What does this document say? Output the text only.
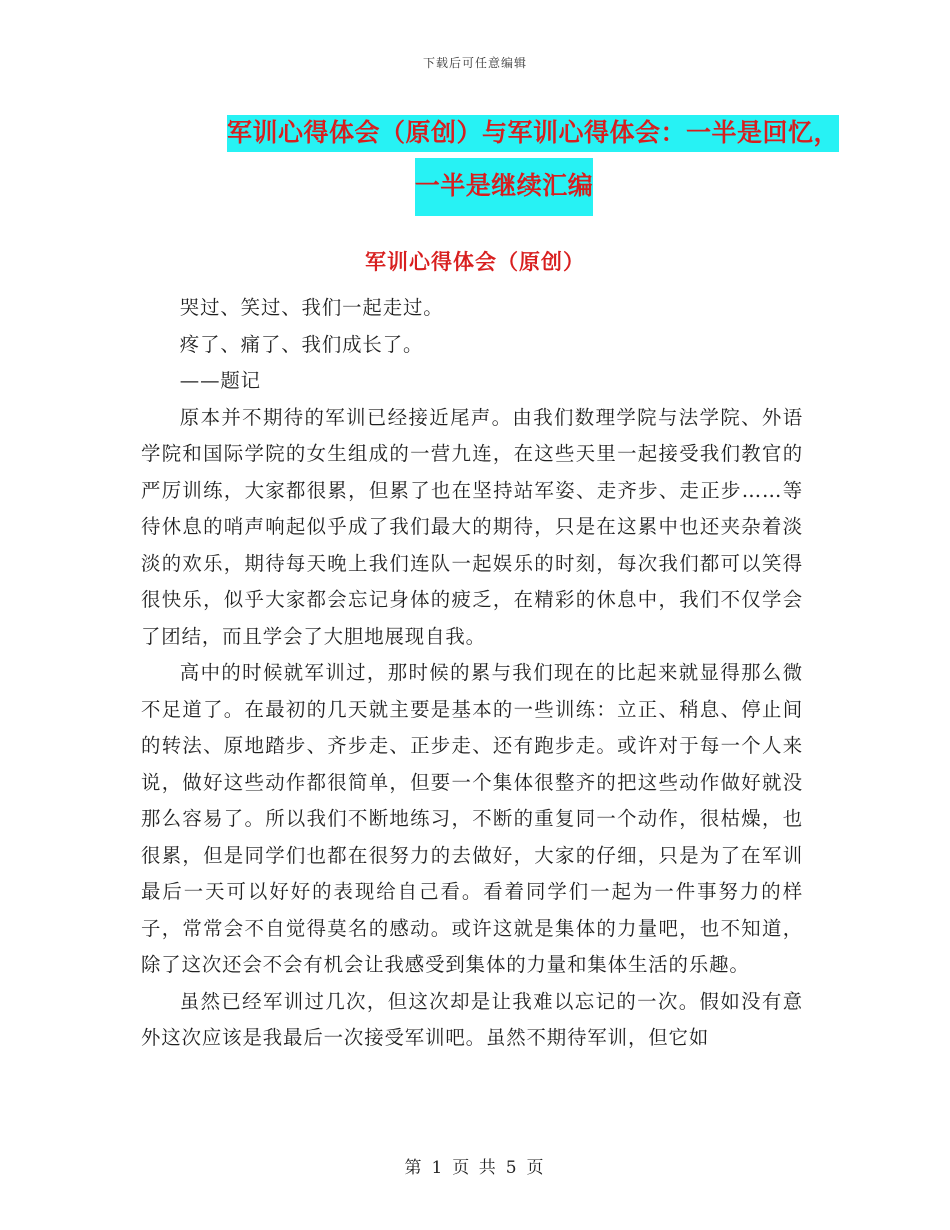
下载后可任意编辑
军训心得体会（原创）与军训心得体会：一半是回忆，
一半是继续汇编
军训心得体会（原创）

哭过、笑过、我们一起走过。

疼了、痛了、我们成长了。

——题记

原本并不期待的军训已经接近尾声。由我们数理学院与法学院、外语学院和国际学院的女生组成的一营九连，在这些天里一起接受我们教官的严厉训练，大家都很累，但累了也在坚持站军姿、走齐步、走正步……等待休息的哨声响起似乎成了我们最大的期待，只是在这累中也还夹杂着淡淡的欢乐，期待每天晚上我们连队一起娱乐的时刻，每次我们都可以笑得很快乐，似乎大家都会忘记身体的疲乏，在精彩的休息中，我们不仅学会了团结，而且学会了大胆地展现自我。

高中的时候就军训过，那时候的累与我们现在的比起来就显得那么微不足道了。在最初的几天就主要是基本的一些训练：立正、稍息、停止间的转法、原地踏步、齐步走、正步走、还有跑步走。或许对于每一个人来说，做好这些动作都很简单，但要一个集体很整齐的把这些动作做好就没那么容易了。所以我们不断地练习，不断的重复同一个动作，很枯燥，也很累，但是同学们也都在很努力的去做好，大家的仔细，只是为了在军训最后一天可以好好的表现给自己看。看着同学们一起为一件事努力的样子，常常会不自觉得莫名的感动。或许这就是集体的力量吧，也不知道，除了这次还会不会有机会让我感受到集体的力量和集体生活的乐趣。

虽然已经军训过几次，但这次却是让我难以忘记的一次。假如没有意外这次应该是我最后一次接受军训吧。虽然不期待军训，但它如

第 1 页 共 5 页
